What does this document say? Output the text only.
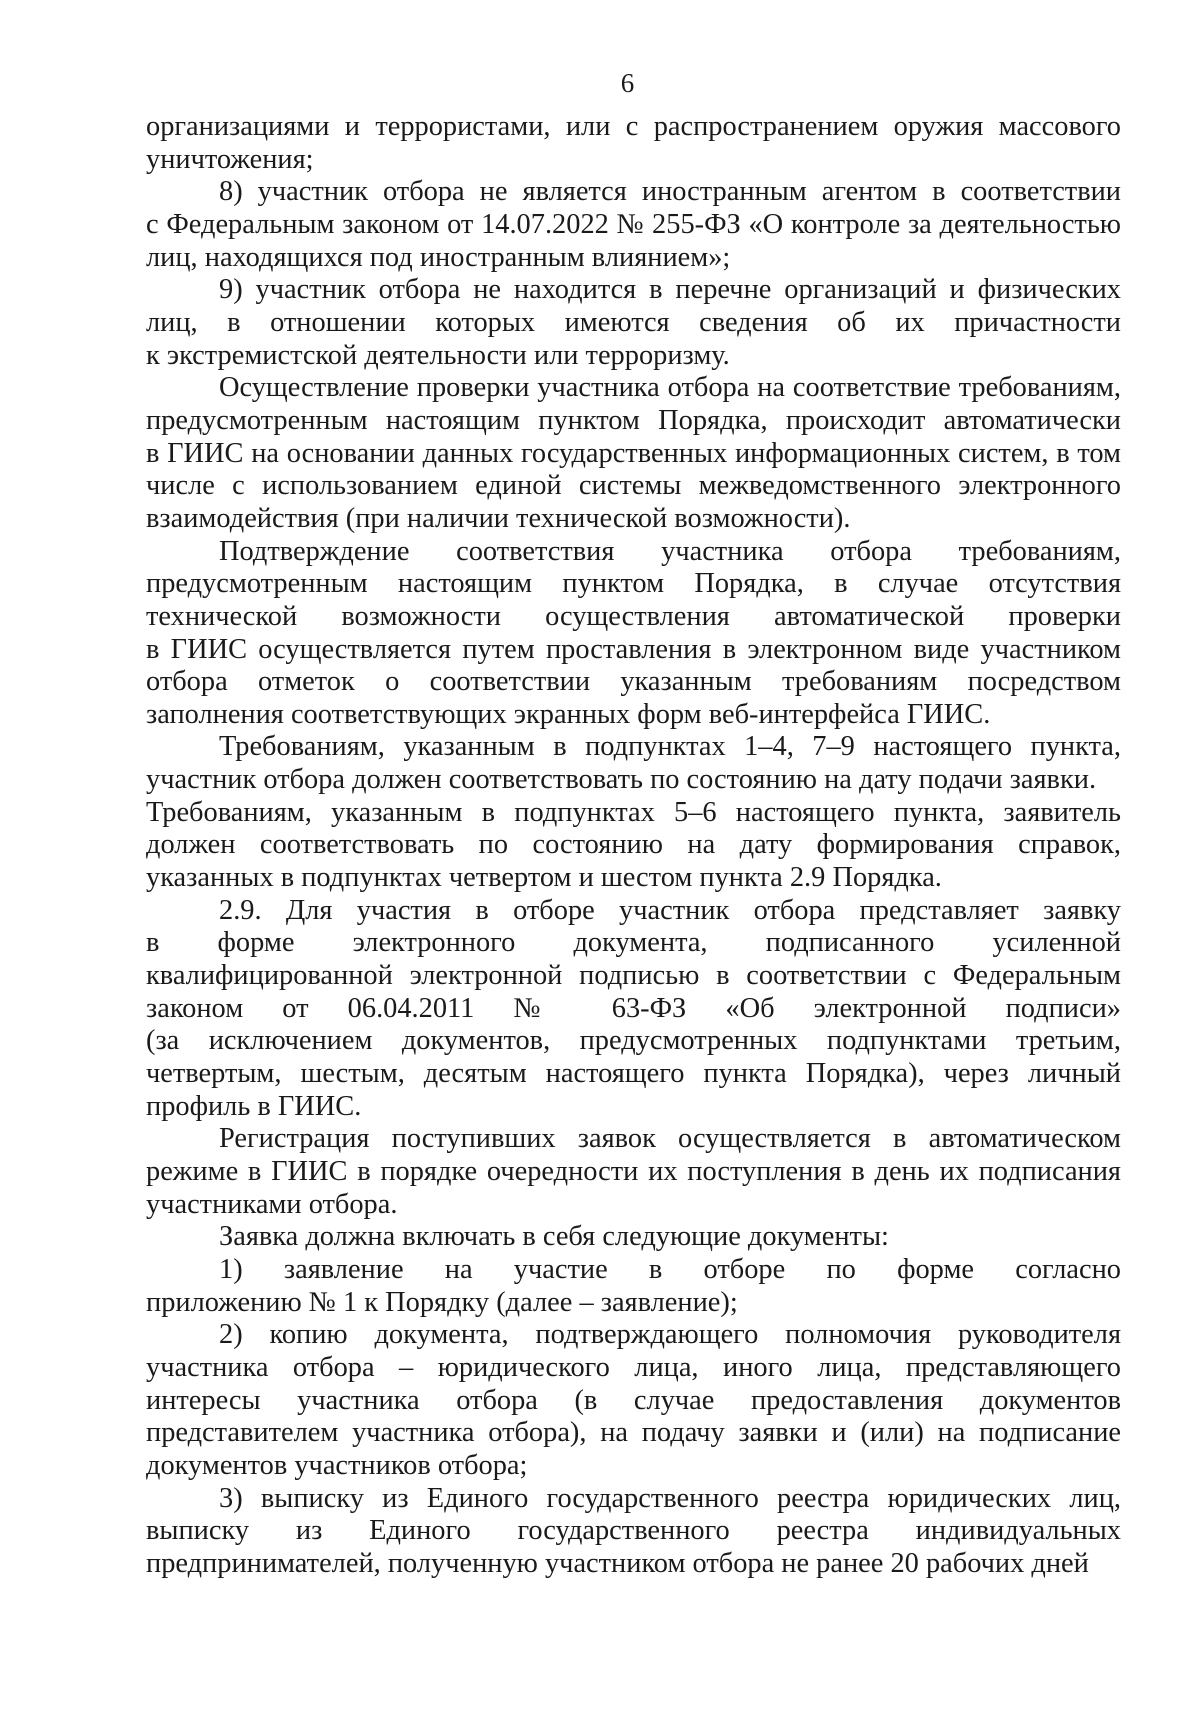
6

организациями и террористами, или с распространением оружия массового

уничтожения;

8) участник отбора не является иностранным агентом в соответствии

с Федеральным законом от 14.07.2022 № 255-ФЗ «О контроле за деятельностью

лиц, находящихся под иностранным влиянием»;

9) участник отбора не находится в перечне организаций и физических

лиц, в отношении которых имеются сведения об их причастности

к экстремистской деятельности или терроризму.

Осуществление проверки участника отбора на соответствие требованиям,

предусмотренным настоящим пунктом Порядка, происходит автоматически

в ГИИС на основании данных государственных информационных систем, в том

числе с использованием единой системы межведомственного электронного

взаимодействия (при наличии технической возможности).

Подтверждение соответствия участника отбора требованиям,

предусмотренным настоящим пунктом Порядка, в случае отсутствия

технической возможности осуществления автоматической проверки

в ГИИС осуществляется путем проставления в электронном виде участником

отбора отметок о соответствии указанным требованиям посредством

заполнения соответствующих экранных форм веб-интерфейса ГИИС.

Требованиям, указанным в подпунктах 1–4, 7–9 настоящего пункта,

участник отбора должен соответствовать по состоянию на дату подачи заявки.

Требованиям, указанным в подпунктах 5–6 настоящего пункта, заявитель

должен соответствовать по состоянию на дату формирования справок,

указанных в подпунктах четвертом и шестом пункта 2.9 Порядка.

2.9. Для участия в отборе участник отбора представляет заявку

в форме электронного документа, подписанного усиленной

квалифицированной электронной подписью в соответствии с Федеральным

законом от 06.04.2011 № 63-ФЗ «Об электронной подписи»

(за исключением документов, предусмотренных подпунктами третьим,

четвертым, шестым, десятым настоящего пункта Порядка), через личный

профиль в ГИИС.

Регистрация поступивших заявок осуществляется в автоматическом

режиме в ГИИС в порядке очередности их поступления в день их подписания

участниками отбора.

Заявка должна включать в себя следующие документы:

1) заявление на участие в отборе по форме согласно

приложению № 1 к Порядку (далее – заявление);

2) копию документа, подтверждающего полномочия руководителя

участника отбора – юридического лица, иного лица, представляющего

интересы участника отбора (в случае предоставления документов

представителем участника отбора), на подачу заявки и (или) на подписание

документов участников отбора;

3) выписку из Единого государственного реестра юридических лиц,

выписку из Единого государственного реестра индивидуальных

предпринимателей, полученную участником отбора не ранее 20 рабочих дней
